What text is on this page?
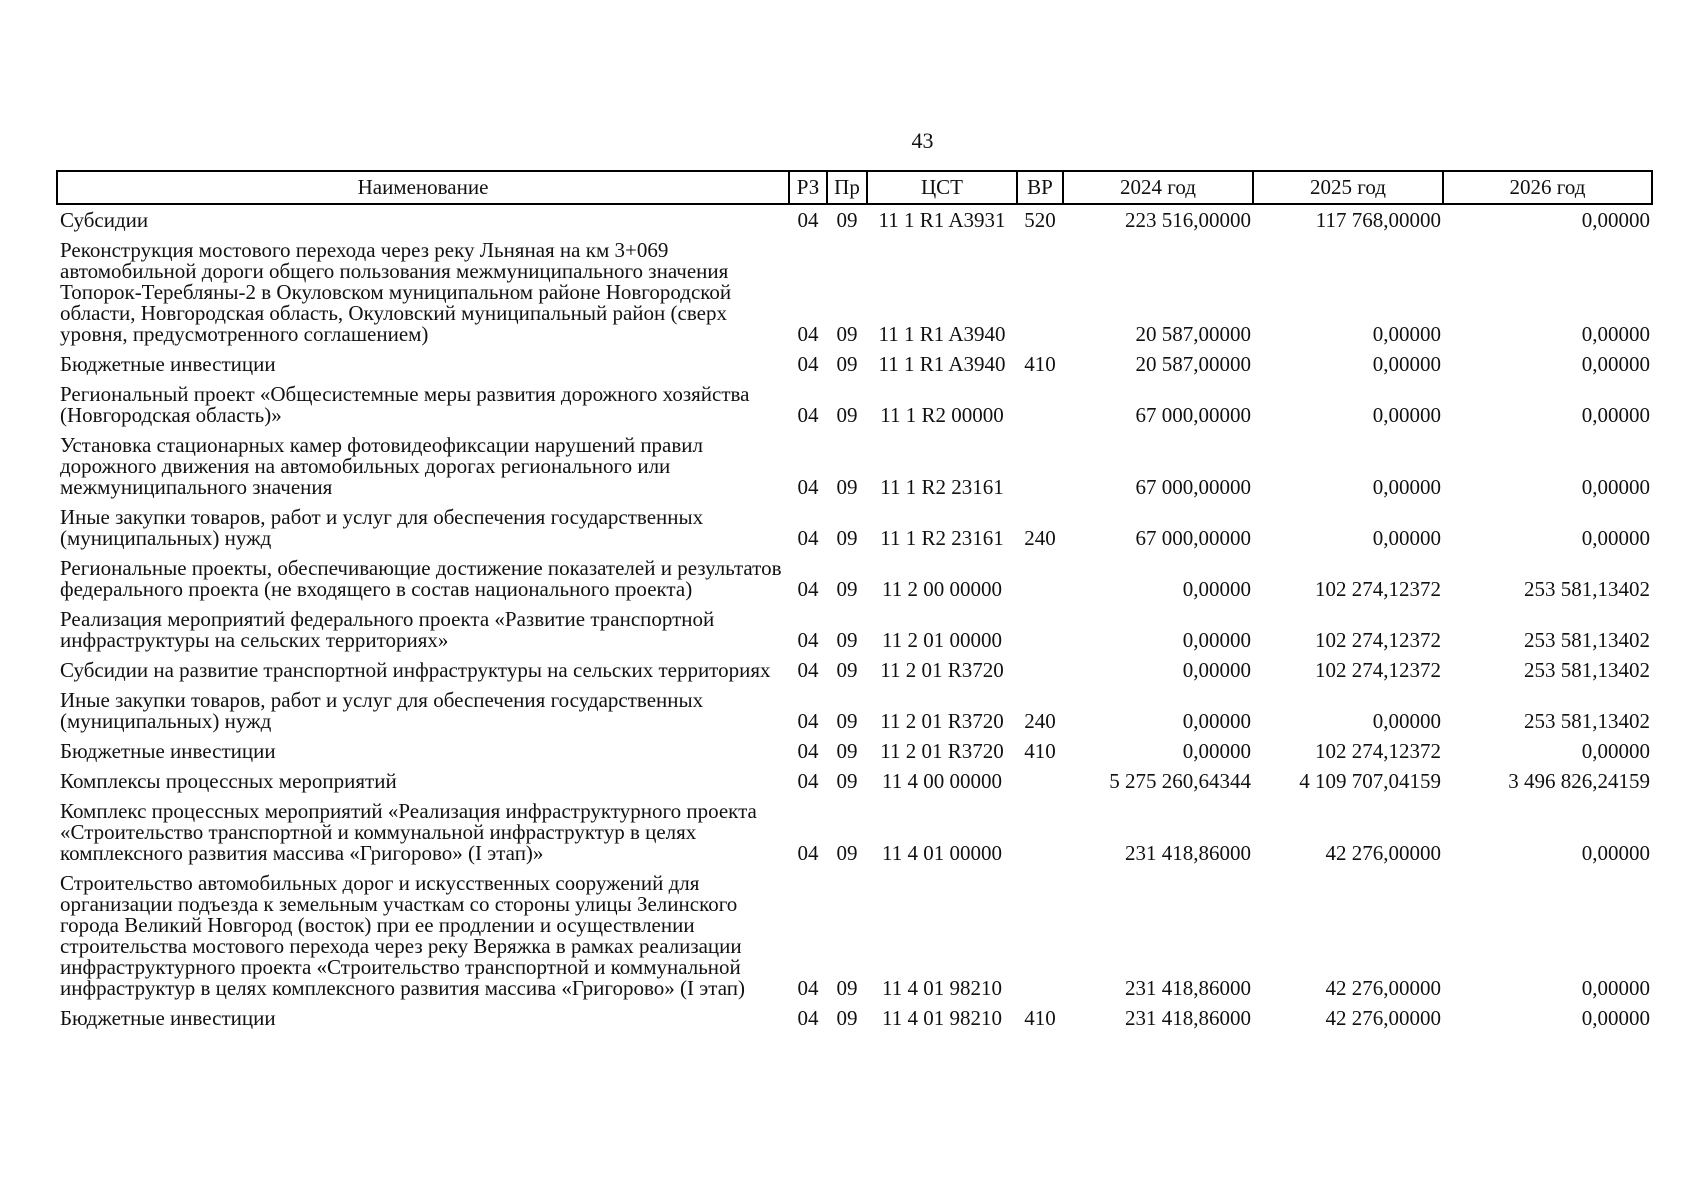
43
Наименование	РЗ	Пр	ЦСТ	ВР	2024 год	2025 год	2026 год
Субсидии	04	09	11 1 R1 A3931	520	223 516,00000	117 768,00000	0,00000
Реконструкция мостового перехода через реку Льняная на км 3+069 автомобильной дороги общего пользования межмуниципального значения Топорок-Теребляны-2 в Окуловском муниципальном районе Новгородской области, Новгородская область, Окуловский муниципальный район (сверх уровня, предусмотренного соглашением)	04	09	11 1 R1 A3940		20 587,00000	0,00000	0,00000
Бюджетные инвестиции	04	09	11 1 R1 A3940	410	20 587,00000	0,00000	0,00000
Региональный проект «Общесистемные меры развития дорожного хозяйства (Новгородская область)»	04	09	11 1 R2 00000		67 000,00000	0,00000	0,00000
Установка стационарных камер фотовидеофиксации нарушений правил дорожного движения на автомобильных дорогах регионального или межмуниципального значения	04	09	11 1 R2 23161		67 000,00000	0,00000	0,00000
Иные закупки товаров, работ и услуг для обеспечения государственных (муниципальных) нужд	04	09	11 1 R2 23161	240	67 000,00000	0,00000	0,00000
Региональные проекты, обеспечивающие достижение показателей и результатов федерального проекта (не входящего в состав национального проекта)	04	09	11 2 00 00000		0,00000	102 274,12372	253 581,13402
Реализация мероприятий федерального проекта «Развитие транспортной инфраструктуры на сельских территориях»	04	09	11 2 01 00000		0,00000	102 274,12372	253 581,13402
Субсидии на развитие транспортной инфраструктуры на сельских территориях	04	09	11 2 01 R3720		0,00000	102 274,12372	253 581,13402
Иные закупки товаров, работ и услуг для обеспечения государственных (муниципальных) нужд	04	09	11 2 01 R3720	240	0,00000	0,00000	253 581,13402
Бюджетные инвестиции	04	09	11 2 01 R3720	410	0,00000	102 274,12372	0,00000
Комплексы процессных мероприятий	04	09	11 4 00 00000		5 275 260,64344	4 109 707,04159	3 496 826,24159
Комплекс процессных мероприятий «Реализация инфраструктурного проекта «Строительство транспортной и коммунальной инфраструктур в целях комплексного развития массива «Григорово» (I этап)»	04	09	11 4 01 00000		231 418,86000	42 276,00000	0,00000
Строительство автомобильных дорог и искусственных сооружений для организации подъезда к земельным участкам со стороны улицы Зелинского города Великий Новгород (восток) при ее продлении и осуществлении строительства мостового перехода через реку Веряжка в рамках реализации инфраструктурного проекта «Строительство транспортной и коммунальной инфраструктур в целях комплексного развития массива «Григорово» (I этап)	04	09	11 4 01 98210		231 418,86000	42 276,00000	0,00000
Бюджетные инвестиции	04	09	11 4 01 98210	410	231 418,86000	42 276,00000	0,00000
